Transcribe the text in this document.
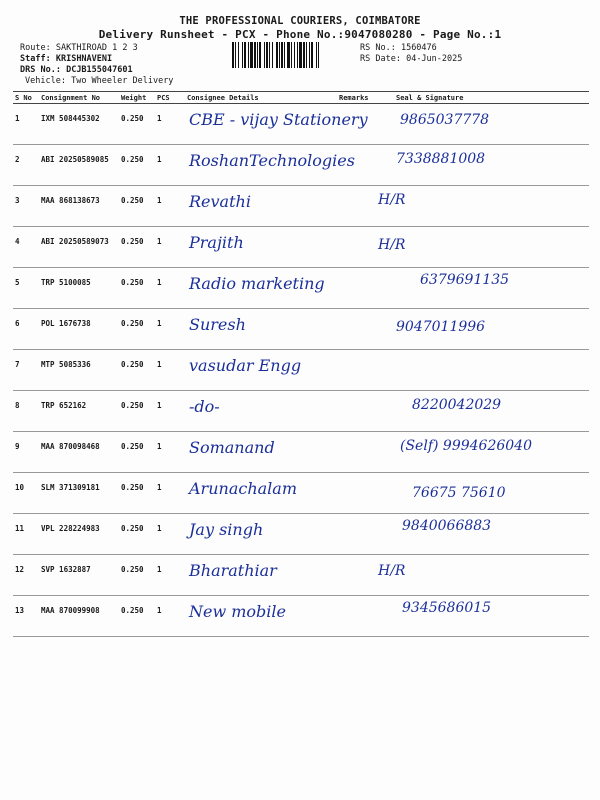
THE PROFESSIONAL COURIERS, COIMBATORE
Delivery Runsheet - PCX - Phone No.:9047080280 - Page No.:1
Route: SAKTHIROAD 1 2 3
Staff: KRISHNAVENI
DRS No.: DCJB155047601
Vehicle: Two Wheeler Delivery
RS No.: 1560476
RS Date: 04-Jun-2025
S No	Consignment No	Weight	PCS	Consignee Details	Remarks	Seal & Signature
1	IXM 508445302	0.250	1	CBE - vijay Stationery		9865037778

2	ABI 20250589085	0.250	1	RoshanTechnologies		7338881008

3	MAA 868138673	0.250	1	Revathi		H/R

4	ABI 20250589073	0.250	1	Prajith		H/R

5	TRP 5100085	0.250	1	Radio marketing		6379691135

6	POL 1676738	0.250	1	Suresh		9047011996

7	MTP 5085336	0.250	1	vasudar Engg		

8	TRP 652162	0.250	1	-do-		8220042029

9	MAA 870098468	0.250	1	Somanand		(Self) 9994626040

10	SLM 371309181	0.250	1	Arunachalam		76675 75610

11	VPL 228224983	0.250	1	Jay singh		9840066883

12	SVP 1632887	0.250	1	Bharathiar		H/R

13	MAA 870099908	0.250	1	New mobile		9345686015
